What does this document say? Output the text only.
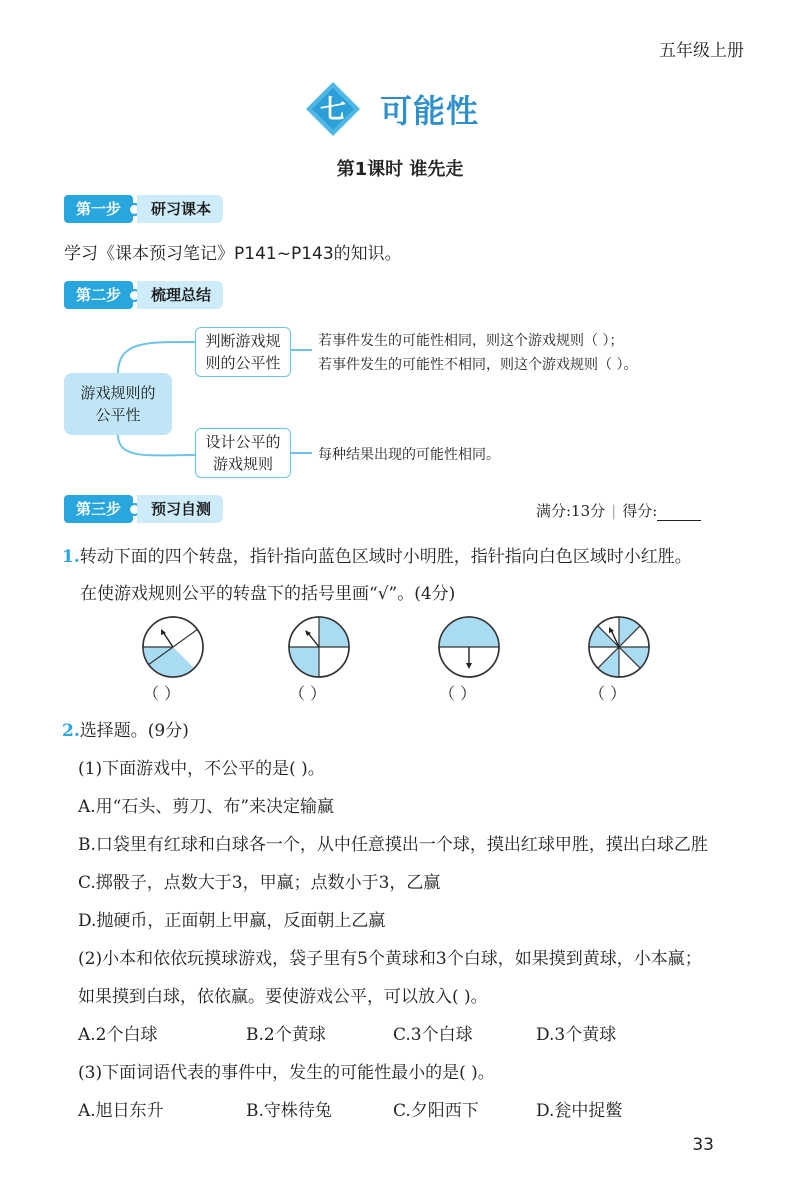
五年级上册
七 可能性
第1课时 谁先走
第一步	研习课本
学习《课本预习笔记》P141~P143的知识。
第二步	梳理总结
游戏规则的
公平性
判断游戏规
则的公平性
若事件发生的可能性相同，则这个游戏规则（ ）；
若事件发生的可能性不相同，则这个游戏规则（ ）。
设计公平的
游戏规则	每种结果出现的可能性相同。
第三步	预习自测	满分:13分 | 得分:
1.转动下面的四个转盘，指针指向蓝色区域时小明胜，指针指向白色区域时小红胜。
在使游戏规则公平的转盘下的括号里画“√”。(4分)
（ ）	（ ）	（ ）	（ ）
2.选择题。(9分)
(1)下面游戏中，不公平的是( )。
A.用“石头、剪刀、布”来决定输赢
B.口袋里有红球和白球各一个，从中任意摸出一个球，摸出红球甲胜，摸出白球乙胜
C.掷骰子，点数大于3，甲赢；点数小于3，乙赢
D.抛硬币，正面朝上甲赢，反面朝上乙赢
(2)小本和依依玩摸球游戏，袋子里有5个黄球和3个白球，如果摸到黄球，小本赢；
如果摸到白球，依依赢。要使游戏公平，可以放入( )。
A.2个白球	B.2个黄球	C.3个白球	D.3个黄球
(3)下面词语代表的事件中，发生的可能性最小的是( )。
A.旭日东升	B.守株待兔	C.夕阳西下	D.瓮中捉鳖
33
